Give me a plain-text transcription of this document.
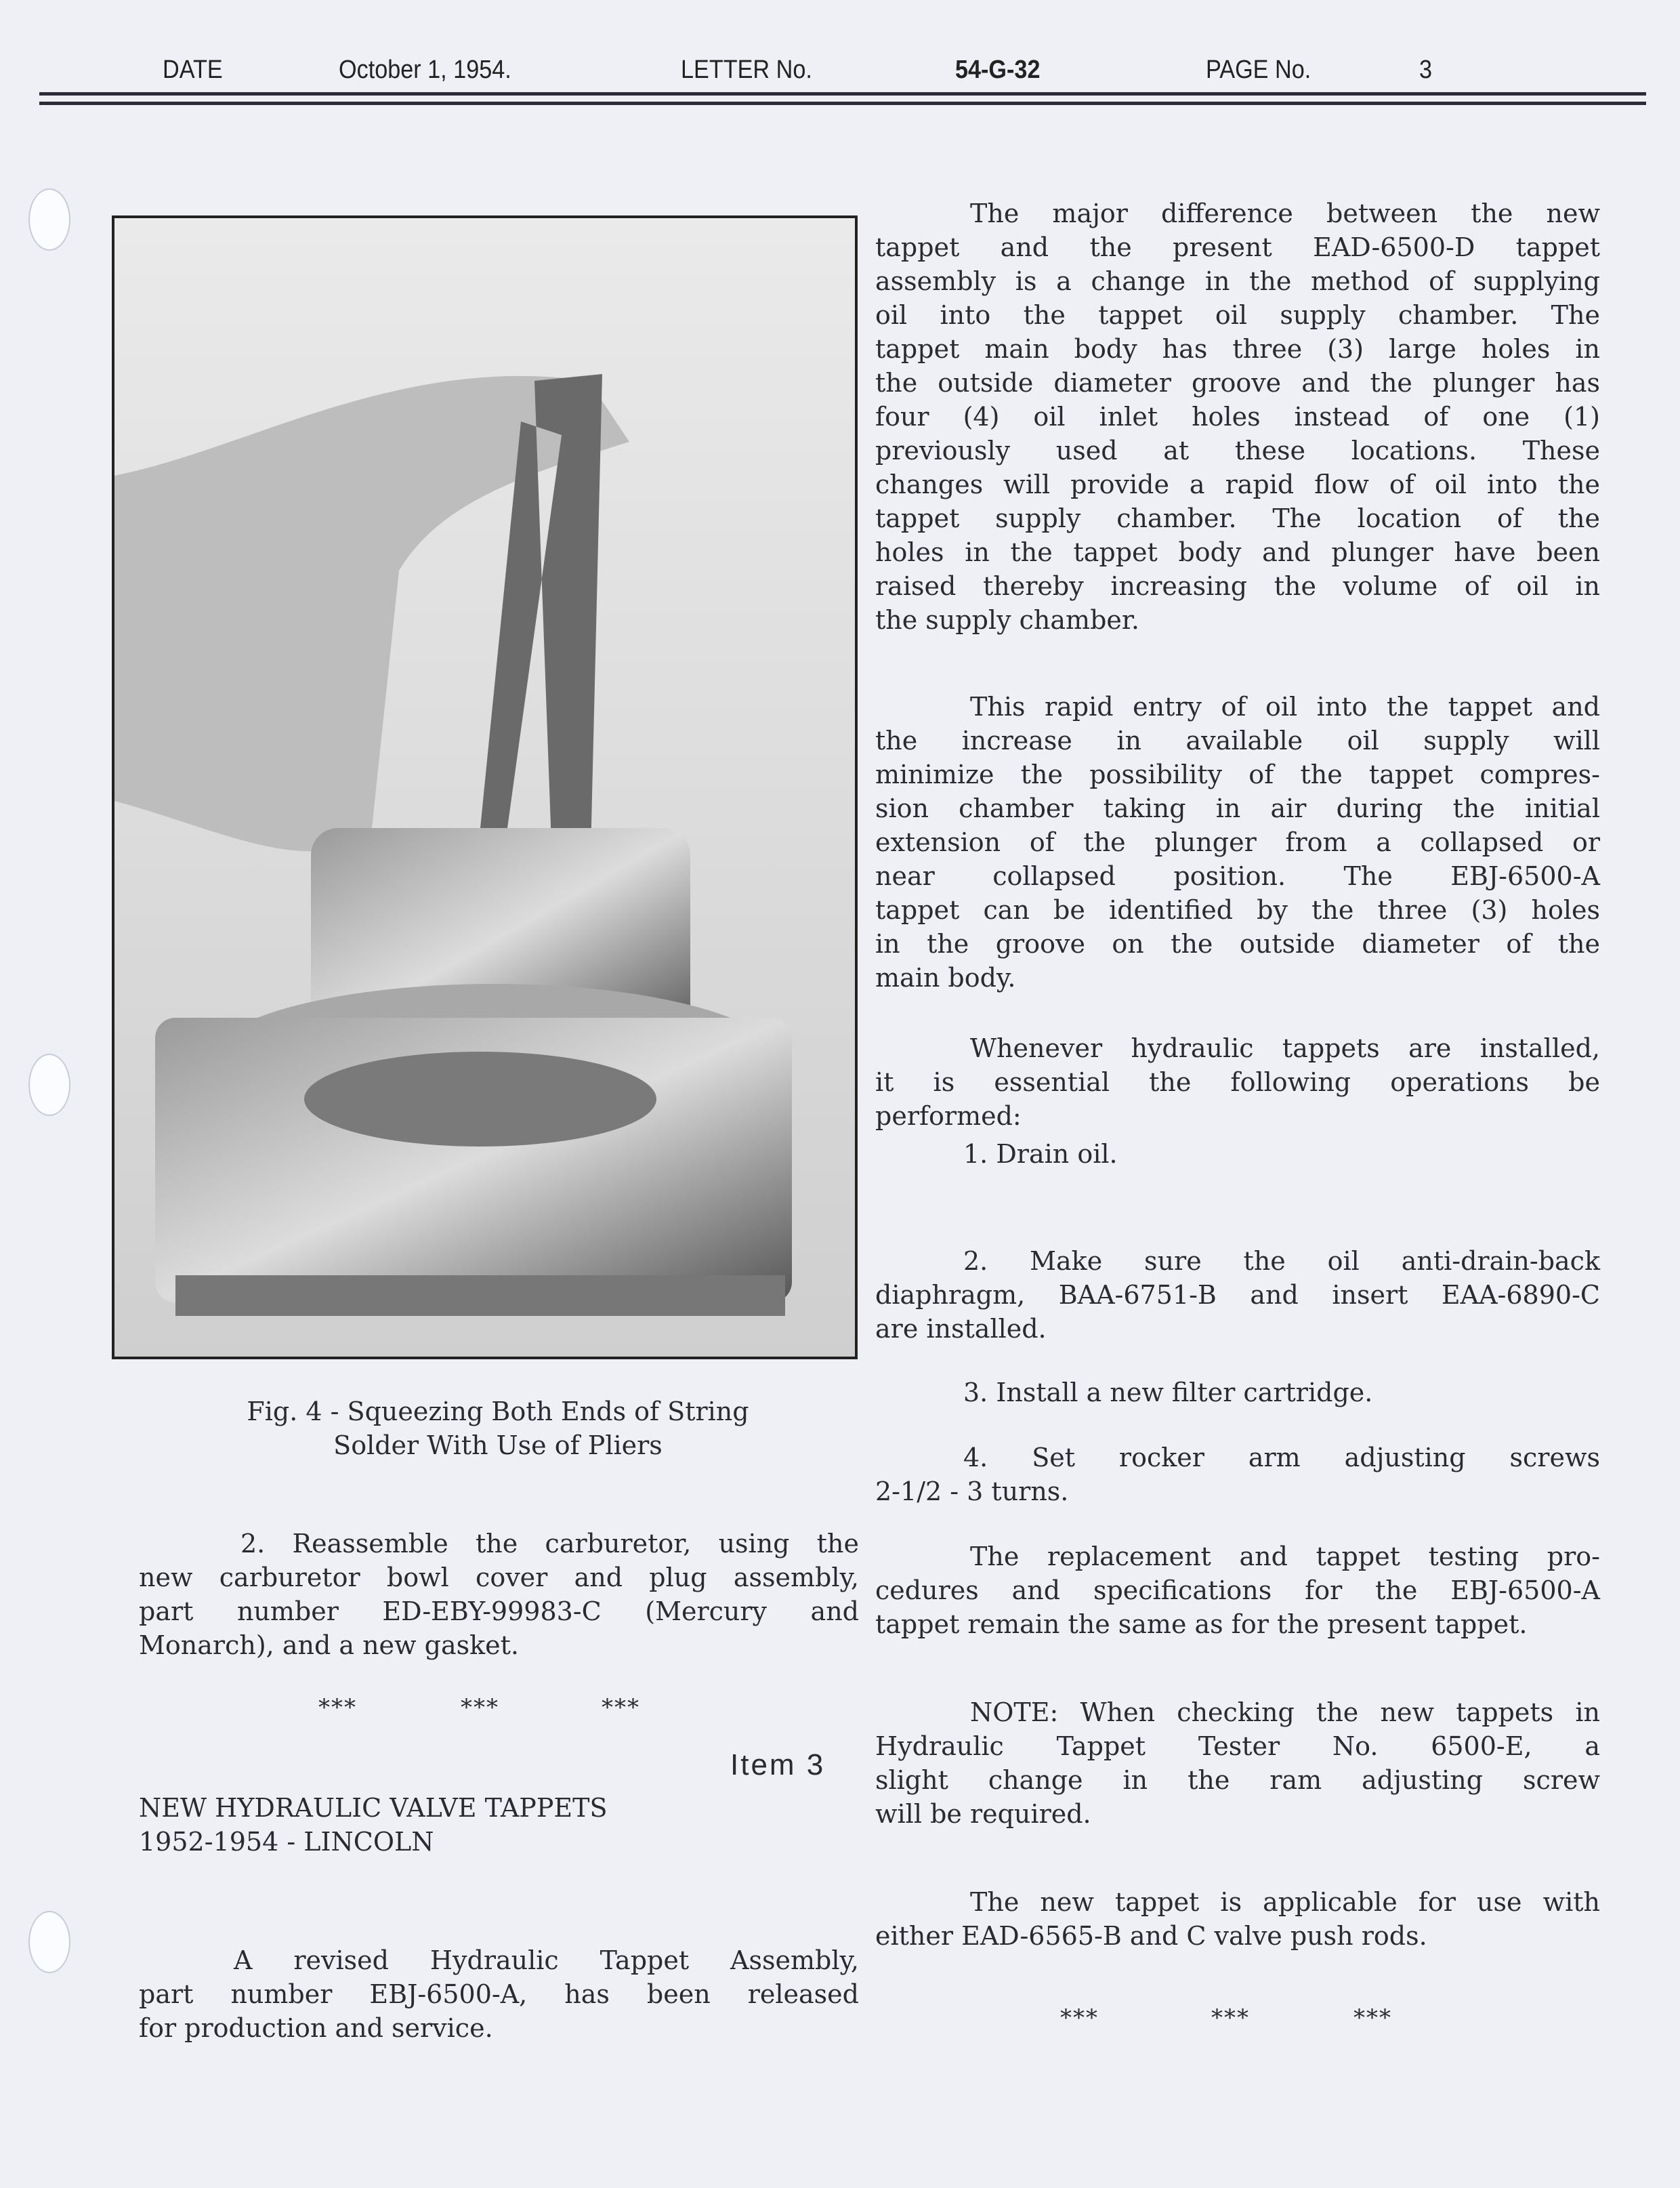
DATE	October 1, 1954.	LETTER No.	54-G-32	PAGE No.	3
Fig. 4 - Squeezing Both Ends of String
Solder With Use of Pliers
2. Reassemble the carburetor, using the
new carburetor bowl cover and plug assembly,
part number ED-EBY-99983-C (Mercury and
Monarch), and a new gasket.
***	***	***
Item 3
NEW HYDRAULIC VALVE TAPPETS
1952-1954 - LINCOLN
A revised Hydraulic Tappet Assembly,
part number EBJ-6500-A, has been released
for production and service.
The major difference between the new
tappet and the present EAD-6500-D tappet
assembly is a change in the method of supplying
oil into the tappet oil supply chamber. The
tappet main body has three (3) large holes in
the outside diameter groove and the plunger has
four (4) oil inlet holes instead of one (1)
previously used at these locations. These
changes will provide a rapid flow of oil into the
tappet supply chamber. The location of the
holes in the tappet body and plunger have been
raised thereby increasing the volume of oil in
the supply chamber.
This rapid entry of oil into the tappet and
the increase in available oil supply will
minimize the possibility of the tappet compres-
sion chamber taking in air during the initial
extension of the plunger from a collapsed or
near collapsed position. The EBJ-6500-A
tappet can be identified by the three (3) holes
in the groove on the outside diameter of the
main body.
Whenever hydraulic tappets are installed,
it is essential the following operations be
performed:
1. Drain oil.
2. Make sure the oil anti-drain-back
diaphragm, BAA-6751-B and insert EAA-6890-C
are installed.
3. Install a new filter cartridge.
4. Set rocker arm adjusting screws
2-1/2 - 3 turns.
The replacement and tappet testing pro-
cedures and specifications for the EBJ-6500-A
tappet remain the same as for the present tappet.
NOTE: When checking the new tappets in
Hydraulic Tappet Tester No. 6500-E, a
slight change in the ram adjusting screw
will be required.
The new tappet is applicable for use with
either EAD-6565-B and C valve push rods.
***	***	***
